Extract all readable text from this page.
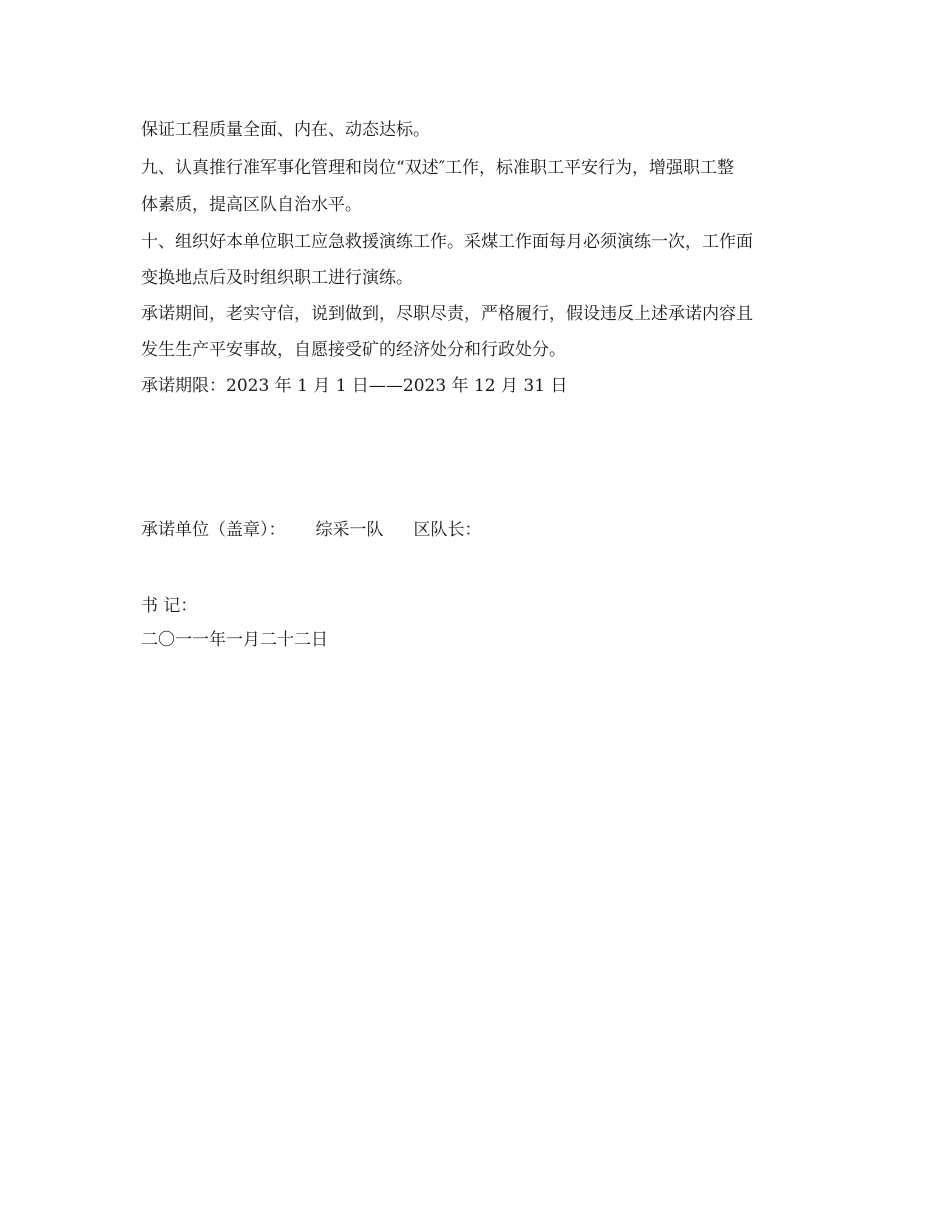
保证工程质量全面、内在、动态达标。
九、认真推行准军事化管理和岗位“双述″工作，标准职工平安行为，增强职工整
体素质，提高区队自治水平。
十、组织好本单位职工应急救援演练工作。采煤工作面每月必须演练一次，工作面
变换地点后及时组织职工进行演练。
承诺期间，老实守信，说到做到，尽职尽责，严格履行，假设违反上述承诺内容且
发生生产平安事故，自愿接受矿的经济处分和行政处分。
承诺期限：2023 年 1 月 1 日——2023 年 12 月 31 日
承诺单位（盖章）： 综采一队 区队长：
书 记：
二〇一一年一月二十二日
